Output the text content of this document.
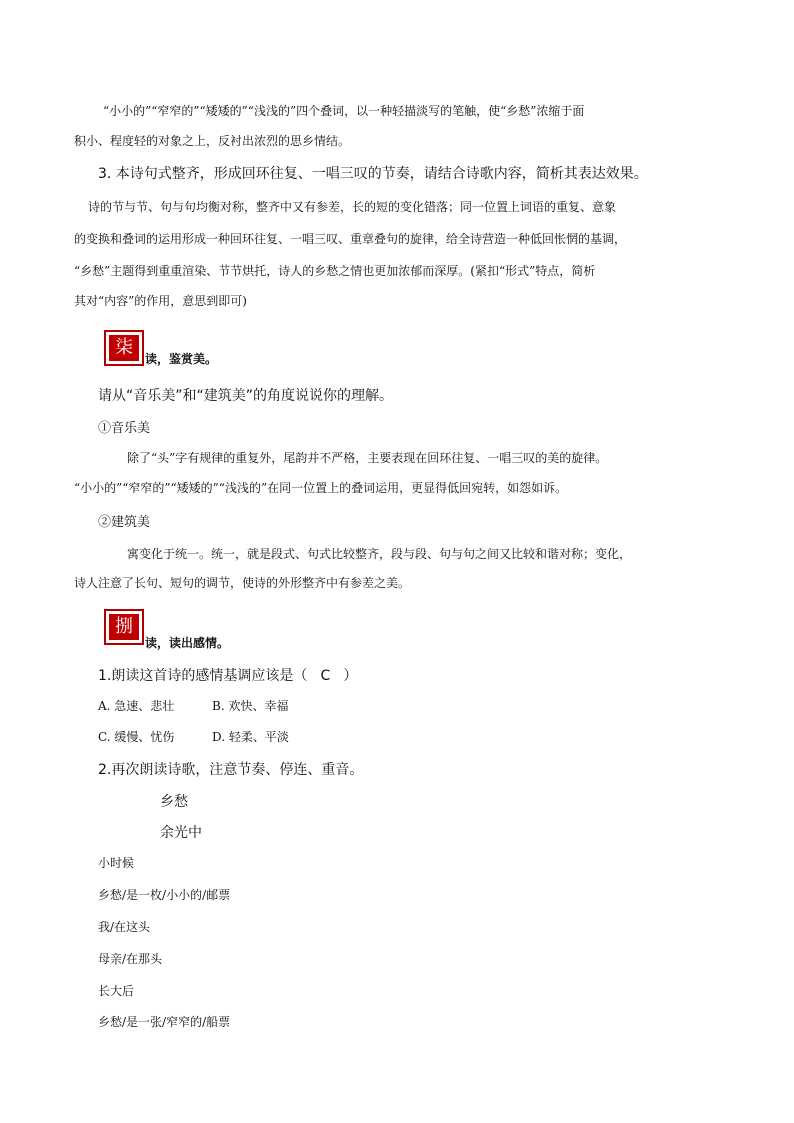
“小小的”“窄窄的”“矮矮的”“浅浅的”四个叠词，以一种轻描淡写的笔触，使“乡愁”浓缩于面
积小、程度轻的对象之上，反衬出浓烈的思乡情结。
3. 本诗句式整齐，形成回环往复、一唱三叹的节奏，请结合诗歌内容，简析其表达效果。
诗的节与节、句与句均衡对称，整齐中又有参差，长的短的变化错落；同一位置上词语的重复、意象
的变换和叠词的运用形成一种回环往复、一唱三叹、重章叠句的旋律，给全诗营造一种低回怅惘的基调，
“乡愁”主题得到重重渲染、节节烘托，诗人的乡愁之情也更加浓郁而深厚。(紧扣“形式”特点，简析
其对“内容”的作用，意思到即可)
柒
读，鉴赏美。
请从“音乐美”和“建筑美”的角度说说你的理解。
①音乐美
除了“头”字有规律的重复外，尾韵并不严格，主要表现在回环往复、一唱三叹的美的旋律。
“小小的”“窄窄的”“矮矮的”“浅浅的”在同一位置上的叠词运用，更显得低回宛转，如怨如诉。
②建筑美
寓变化于统一。统一，就是段式、句式比较整齐，段与段、句与句之间又比较和谐对称；变化，
诗人注意了长句、短句的调节，使诗的外形整齐中有参差之美。
捌
读，读出感情。
1.朗读这首诗的感情基调应该是（ C ）
A. 急速、悲壮	B. 欢快、幸福
C. 缓慢、忧伤	D. 轻柔、平淡
2.再次朗读诗歌，注意节奏、停连、重音。
乡愁
余光中
小时候
乡愁/是一枚/小小的/邮票
我/在这头
母亲/在那头
长大后
乡愁/是一张/窄窄的/船票
